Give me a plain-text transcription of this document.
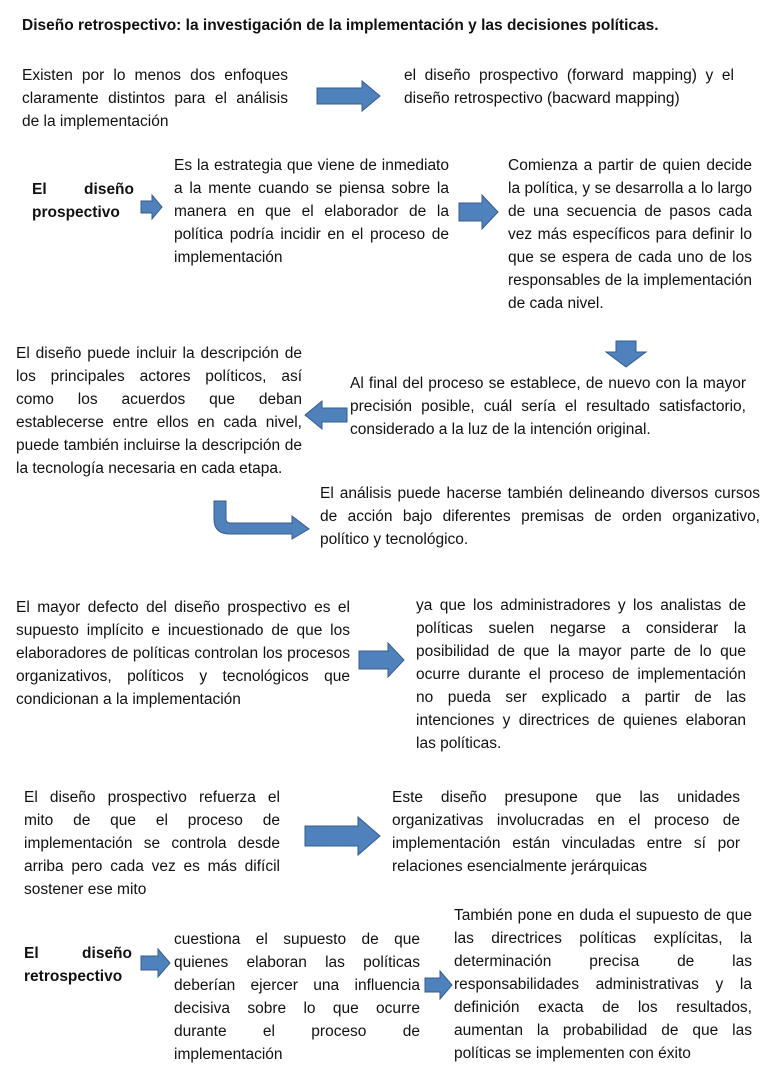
Diseño retrospectivo: la investigación de la implementación y las decisiones políticas.

Existen por lo menos dos enfoques claramente distintos para el análisis de la implementación

el diseño prospectivo (forward mapping) y el diseño retrospectivo (bacward mapping)

El diseño prospectivo

Es la estrategia que viene de inmediato a la mente cuando se piensa sobre la manera en que el elaborador de la política podría incidir en el proceso de implementación

Comienza a partir de quien decide la política, y se desarrolla a lo largo de una secuencia de pasos cada vez más específicos para definir lo que se espera de cada uno de los responsables de la implementación de cada nivel.

El diseño puede incluir la descripción de los principales actores políticos, así como los acuerdos que deban establecerse entre ellos en cada nivel, puede también incluirse la descripción de la tecnología necesaria en cada etapa.

Al final del proceso se establece, de nuevo con la mayor precisión posible, cuál sería el resultado satisfactorio, considerado a la luz de la intención original.

El análisis puede hacerse también delineando diversos cursos de acción bajo diferentes premisas de orden organizativo, político y tecnológico.

El mayor defecto del diseño prospectivo es el supuesto implícito e incuestionado de que los elaboradores de políticas controlan los procesos organizativos, políticos y tecnológicos que condicionan a la implementación

ya que los administradores y los analistas de políticas suelen negarse a considerar la posibilidad de que la mayor parte de lo que ocurre durante el proceso de implementación no pueda ser explicado a partir de las intenciones y directrices de quienes elaboran las políticas.

El diseño prospectivo refuerza el mito de que el proceso de implementación se controla desde arriba pero cada vez es más difícil sostener ese mito

Este diseño presupone que las unidades organizativas involucradas en el proceso de implementación están vinculadas entre sí por relaciones esencialmente jerárquicas

El diseño retrospectivo

cuestiona el supuesto de que quienes elaboran las políticas deberían ejercer una influencia decisiva sobre lo que ocurre durante el proceso de implementación

También pone en duda el supuesto de que las directrices políticas explícitas, la determinación precisa de las responsabilidades administrativas y la definición exacta de los resultados, aumentan la probabilidad de que las políticas se implementen con éxito
